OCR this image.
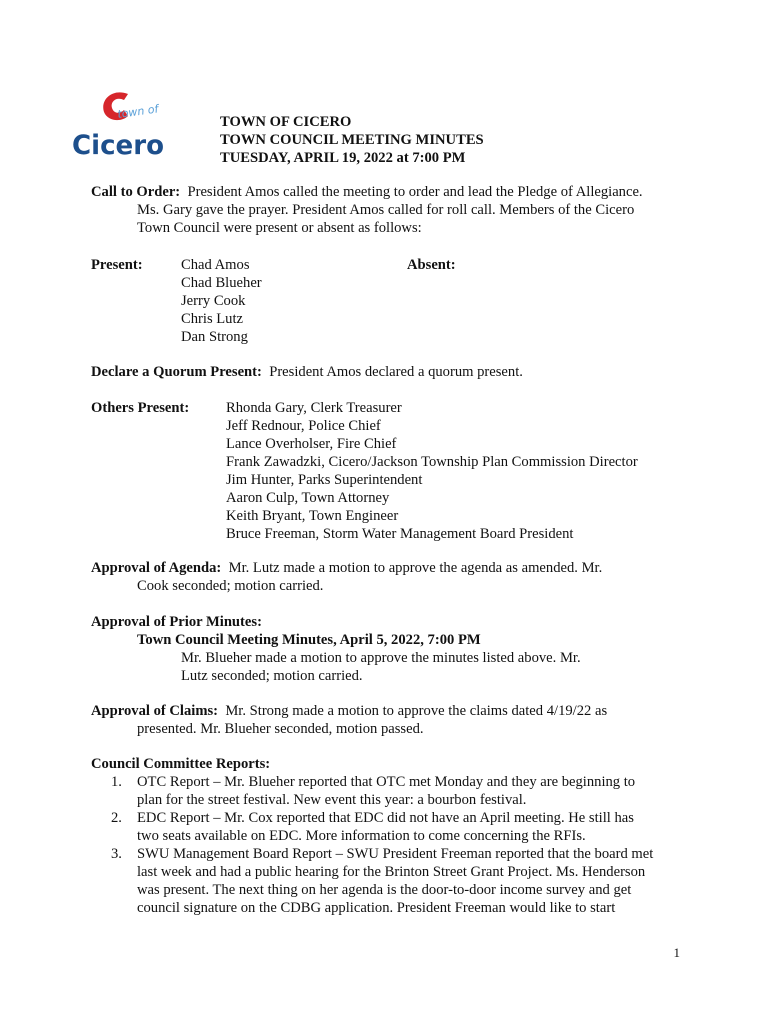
town of
Cicero
TOWN OF CICERO
TOWN COUNCIL MEETING MINUTES
TUESDAY, APRIL 19, 2022 at 7:00 PM
Call to Order: President Amos called the meeting to order and lead the Pledge of Allegiance.
Ms. Gary gave the prayer. President Amos called for roll call. Members of the Cicero
Town Council were present or absent as follows:
Present:	Chad Amos
Chad Blueher
Jerry Cook
Chris Lutz
Dan Strong
Absent:
Declare a Quorum Present: President Amos declared a quorum present.
Others Present:	Rhonda Gary, Clerk Treasurer
Jeff Rednour, Police Chief
Lance Overholser, Fire Chief
Frank Zawadzki, Cicero/Jackson Township Plan Commission Director
Jim Hunter, Parks Superintendent
Aaron Culp, Town Attorney
Keith Bryant, Town Engineer
Bruce Freeman, Storm Water Management Board President
Approval of Agenda: Mr. Lutz made a motion to approve the agenda as amended. Mr.
Cook seconded; motion carried.
Approval of Prior Minutes:
Town Council Meeting Minutes, April 5, 2022, 7:00 PM
Mr. Blueher made a motion to approve the minutes listed above. Mr.
Lutz seconded; motion carried.
Approval of Claims: Mr. Strong made a motion to approve the claims dated 4/19/22 as
presented. Mr. Blueher seconded, motion passed.
Council Committee Reports:
1. OTC Report – Mr. Blueher reported that OTC met Monday and they are beginning to
plan for the street festival. New event this year: a bourbon festival.
2. EDC Report – Mr. Cox reported that EDC did not have an April meeting. He still has
two seats available on EDC. More information to come concerning the RFIs.
3. SWU Management Board Report – SWU President Freeman reported that the board met
last week and had a public hearing for the Brinton Street Grant Project. Ms. Henderson
was present. The next thing on her agenda is the door-to-door income survey and get
council signature on the CDBG application. President Freeman would like to start
1
